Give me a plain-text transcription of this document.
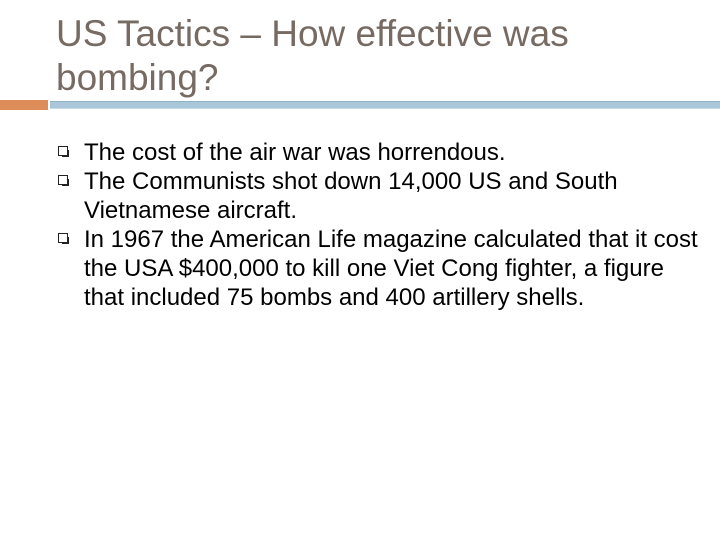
US Tactics – How effective was bombing?
The cost of the air war was horrendous.
The Communists shot down 14,000 US and South Vietnamese aircraft.
In 1967 the American Life magazine calculated that it cost the USA $400,000 to kill one Viet Cong fighter, a figure that included 75 bombs and 400 artillery shells.
